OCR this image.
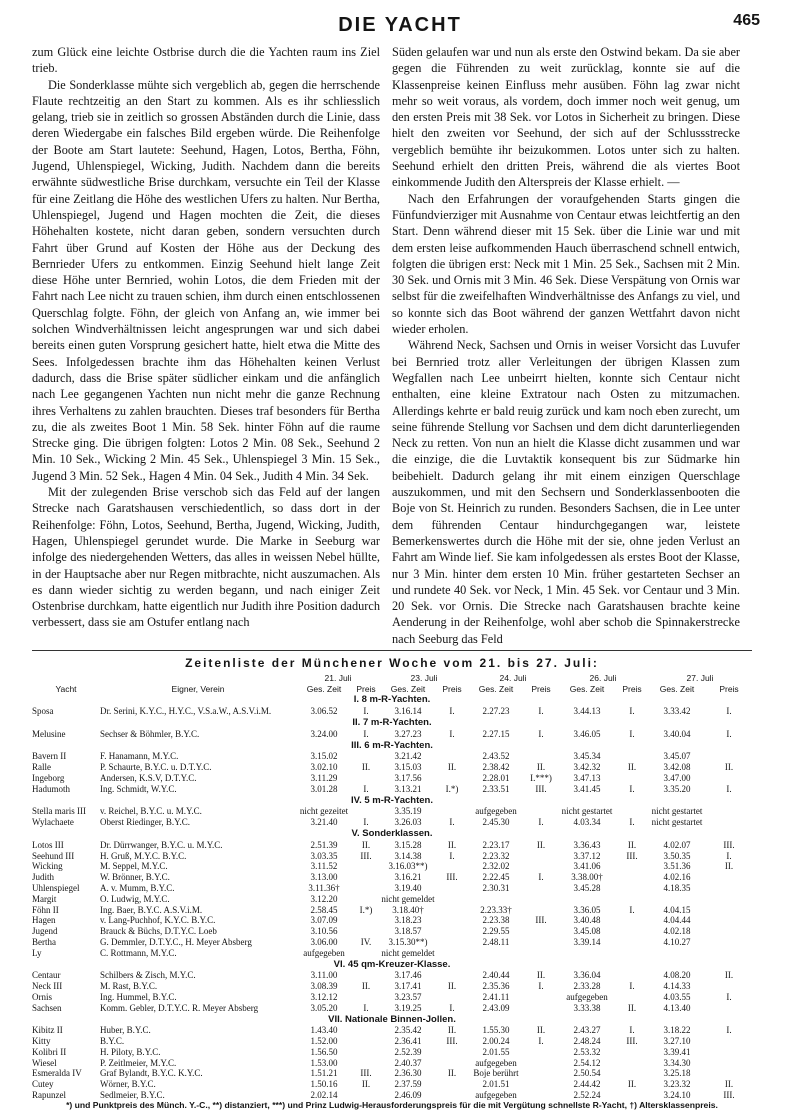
DIE YACHT	465

zum Glück eine leichte Ostbrise durch die die Yachten raum ins Ziel trieb.

Die Sonderklasse mühte sich vergeblich ab, gegen die herrschende Flaute rechtzeitig an den Start zu kommen. Als es ihr schliesslich gelang, trieb sie in zeitlich so grossen Abständen durch die Linie, dass deren Wiedergabe ein falsches Bild ergeben würde. Die Reihenfolge der Boote am Start lautete: Seehund, Hagen, Lotos, Bertha, Föhn, Jugend, Uhlenspiegel, Wicking, Judith. Nachdem dann die bereits erwähnte südwestliche Brise durchkam, versuchte ein Teil der Klasse für eine Zeitlang die Höhe des westlichen Ufers zu halten. Nur Bertha, Uhlenspiegel, Jugend und Hagen mochten die Zeit, die dieses Höhehalten kostete, nicht daran geben, sondern versuchten durch Fahrt über Grund auf Kosten der Höhe aus der Deckung des Bernrieder Ufers zu entkommen. Einzig Seehund hielt lange Zeit diese Höhe unter Bernried, wohin Lotos, die dem Frieden mit der Fahrt nach Lee nicht zu trauen schien, ihm durch einen entschlossenen Querschlag folgte. Föhn, der gleich von Anfang an, wie immer bei solchen Windverhältnissen leicht angesprungen war und sich dabei bereits einen guten Vorsprung gesichert hatte, hielt etwa die Mitte des Sees. Infolgedessen brachte ihm das Höhehalten keinen Verlust dadurch, dass die Brise später südlicher einkam und die anfänglich nach Lee gegangenen Yachten nun nicht mehr die ganze Rechnung ihres Verhaltens zu zahlen brauchten. Dieses traf besonders für Bertha zu, die als zweites Boot 1 Min. 58 Sek. hinter Föhn auf die raume Strecke ging. Die übrigen folgten: Lotos 2 Min. 08 Sek., Seehund 2 Min. 10 Sek., Wicking 2 Min. 45 Sek., Uhlenspiegel 3 Min. 15 Sek., Jugend 3 Min. 52 Sek., Hagen 4 Min. 04 Sek., Judith 4 Min. 34 Sek.

Mit der zulegenden Brise verschob sich das Feld auf der langen Strecke nach Garatshausen verschiedentlich, so dass dort in der Reihenfolge: Föhn, Lotos, Seehund, Bertha, Jugend, Wicking, Judith, Hagen, Uhlenspiegel gerundet wurde. Die Marke in Seeburg war infolge des niedergehenden Wetters, das alles in weissen Nebel hüllte, in der Hauptsache aber nur Regen mitbrachte, nicht auszumachen. Als es dann wieder sichtig zu werden begann, und nach einiger Zeit Ostenbrise durchkam, hatte eigentlich nur Judith ihre Position dadurch verbessert, dass sie am Ostufer entlang nach

Süden gelaufen war und nun als erste den Ostwind bekam. Da sie aber gegen die Führenden zu weit zurücklag, konnte sie auf die Klassenpreise keinen Einfluss mehr ausüben. Föhn lag zwar nicht mehr so weit voraus, als vordem, doch immer noch weit genug, um den ersten Preis mit 38 Sek. vor Lotos in Sicherheit zu bringen. Diese hielt den zweiten vor Seehund, der sich auf der Schlussstrecke vergeblich bemühte ihr beizukommen. Lotos unter sich zu halten. Seehund erhielt den dritten Preis, während die als viertes Boot einkommende Judith den Alterspreis der Klasse erhielt. —

Nach den Erfahrungen der voraufgehenden Starts gingen die Fünfundvierziger mit Ausnahme von Centaur etwas leichtfertig an den Start. Denn während dieser mit 15 Sek. über die Linie war und mit dem ersten leise aufkommenden Hauch überraschend schnell entwich, folgten die übrigen erst: Neck mit 1 Min. 25 Sek., Sachsen mit 2 Min. 30 Sek. und Ornis mit 3 Min. 46 Sek. Diese Verspätung von Ornis war selbst für die zweifelhaften Windverhältnisse des Anfangs zu viel, und so konnte sich das Boot während der ganzen Wettfahrt davon nicht wieder erholen.

Während Neck, Sachsen und Ornis in weiser Vorsicht das Luvufer bei Bernried trotz aller Verleitungen der übrigen Klassen zum Wegfallen nach Lee unbeirrt hielten, konnte sich Centaur nicht enthalten, eine kleine Extratour nach Osten zu mitzumachen. Allerdings kehrte er bald reuig zurück und kam noch eben zurecht, um seine führende Stellung vor Sachsen und dem dicht darunterliegenden Neck zu retten. Von nun an hielt die Klasse dicht zusammen und war die einzige, die die Luvtaktik konsequent bis zur Südmarke hin beibehielt. Dadurch gelang ihr mit einem einzigen Querschlage auszukommen, und mit den Sechsern und Sonderklassenbooten die Boje von St. Heinrich zu runden. Besonders Sachsen, die in Lee unter dem führenden Centaur hindurchgegangen war, leistete Bemerkenswertes durch die Höhe mit der sie, ohne jeden Verlust an Fahrt am Winde lief. Sie kam infolgedessen als erstes Boot der Klasse, nur 3 Min. hinter dem ersten 10 Min. früher gestarteten Sechser an und rundete 40 Sek. vor Neck, 1 Min. 45 Sek. vor Centaur und 3 Min. 20 Sek. vor Ornis. Die Strecke nach Garatshausen brachte keine Aenderung in der Reihenfolge, wohl aber schob die Spinnakerstrecke nach Seeburg das Feld

Zeitenliste der Münchener Woche vom 21. bis 27. Juli:
		21. Juli		23. Juli		24. Juli		26. Juli		27. Juli	
Yacht	Eigner, Verein	Ges. Zeit	Preis	Ges. Zeit	Preis	Ges. Zeit	Preis	Ges. Zeit	Preis	Ges. Zeit	Preis
I. 8 m-R-Yachten.											
Sposa	Dr. Serini, K.Y.C., H.Y.C., V.S.a.W., A.S.V.i.M.	3.06.52	I.	3.16.14	I.	2.27.23	I.	3.44.13	I.	3.33.42	I.
II. 7 m-R-Yachten.											
Melusine	Sechser & Böhmler, B.Y.C.	3.24.00	I.	3.27.23	I.	2.27.15	I.	3.46.05	I.	3.40.04	I.
III. 6 m-R-Yachten.											
Bavern II	F. Hanamann, M.Y.C.	3.15.02		3.21.42		2.43.52		3.45.34		3.45.07	
Ralle	P. Schaurte, B.Y.C. u. D.T.Y.C.	3.02.10	II.	3.15.03	II.	2.38.42	II.	3.42.32	II.	3.42.08	II.
Ingeborg	Andersen, K.S.V, D.T.Y.C.	3.11.29		3.17.56		2.28.01	I.***)	3.47.13		3.47.00	
Hadumoth	Ing. Schmidt, W.Y.C.	3.01.28	I.	3.13.21	I.*)	2.33.51	III.	3.41.45	I.	3.35.20	I.
IV. 5 m-R-Yachten.											
Stella maris III	v. Reichel, B.Y.C. u. M.Y.C.	nicht gezeitet		3.35.19		aufgegeben		nicht gestartet		nicht gestartet	
Wylachaete	Oberst Riedinger, B.Y.C.	3.21.40	I.	3.26.03	I.	2.45.30	I.	4.03.34	I.	nicht gestartet	
V. Sonderklassen.											
Lotos III	Dr. Dürrwanger, B.Y.C. u. M.Y.C.	2.51.39	II.	3.15.28	II.	2.23.17	II.	3.36.43	II.	4.02.07	III.
Seehund III	H. Gruß, M.Y.C. B.Y.C.	3.03.35	III.	3.14.38	I.	2.23.32		3.37.12	III.	3.50.35	I.
Wicking	M. Seppel, M.Y.C.	3.11.52		3.16.03**)		2.32.02		3.41.06		3.51.36	II.
Judith	W. Brönner, B.Y.C.	3.13.00		3.16.21	III.	2.22.45	I.	3.38.00†		4.02.16	
Uhlenspiegel	A. v. Mumm, B.Y.C.	3.11.36†		3.19.40		2.30.31		3.45.28		4.18.35	
Margit	O. Ludwig, M.Y.C.	3.12.20		nicht gemeldet							
Föhn II	Ing. Baer, B.Y.C. A.S.V.i.M.	2.58.45	I.*)	3.18.40†		2.23.33†		3.36.05	I.	4.04.15	
Hagen	v. Lang-Puchhof, K.Y.C. B.Y.C.	3.07.09		3.18.23		2.23.38	III.	3.40.48		4.04.44	
Jugend	Brauck & Büchs, D.T.Y.C. Loeb	3.10.56		3.18.57		2.29.55		3.45.08		4.02.18	
Bertha	G. Demmler, D.T.Y.C., H. Meyer Absberg	3.06.00	IV.	3.15.30**)		2.48.11		3.39.14		4.10.27	
Ly	C. Rottmann, M.Y.C.	aufgegeben		nicht gemeldet							
VI. 45 qm-Kreuzer-Klasse.											
Centaur	Schilbers & Zisch, M.Y.C.	3.11.00		3.17.46		2.40.44	II.	3.36.04		4.08.20	II.
Neck III	M. Rast, B.Y.C.	3.08.39	II.	3.17.41	II.	2.35.36	I.	2.33.28	I.	4.14.33	
Ornis	Ing. Hummel, B.Y.C.	3.12.12		3.23.57		2.41.11		aufgegeben		4.03.55	I.
Sachsen	Komm. Gebler, D.T.Y.C. R. Meyer Absberg	3.05.20	I.	3.19.25	I.	2.43.09		3.33.38	II.	4.13.40	
VII. Nationale Binnen-Jollen.											
Kibitz II	Huber, B.Y.C.	1.43.40		2.35.42	II.	1.55.30	II.	2.43.27	I.	3.18.22	I.
Kitty	B.Y.C.	1.52.00		2.36.41	III.	2.00.24	I.	2.48.24	III.	3.27.10	
Kolibri II	H. Piloty, B.Y.C.	1.56.50		2.52.39		2.01.55		2.53.32		3.39.41	
Wiesel	P. Zeitlmeier, M.Y.C.	1.53.00		2.40.37		aufgegeben		2.54.12		3.34.30	
Esmeralda IV	Graf Bylandt, B.Y.C. K.Y.C.	1.51.21	III.	2.36.30	II.	Boje berührt		2.50.54		3.25.18	
Cutey	Wörner, B.Y.C.	1.50.16	II.	2.37.59		2.01.51		2.44.42	II.	3.23.32	II.
Rapunzel	Sedlmeier, B.Y.C.	2.02.14		2.46.09		aufgegeben		2.52.24		3.24.10	III.
*) und Punktpreis des Münch. Y.-C., **) distanziert, ***) und Prinz Ludwig-Herausforderungspreis für die mit Vergütung schnellste R-Yacht, †) Altersklassenpreis.
